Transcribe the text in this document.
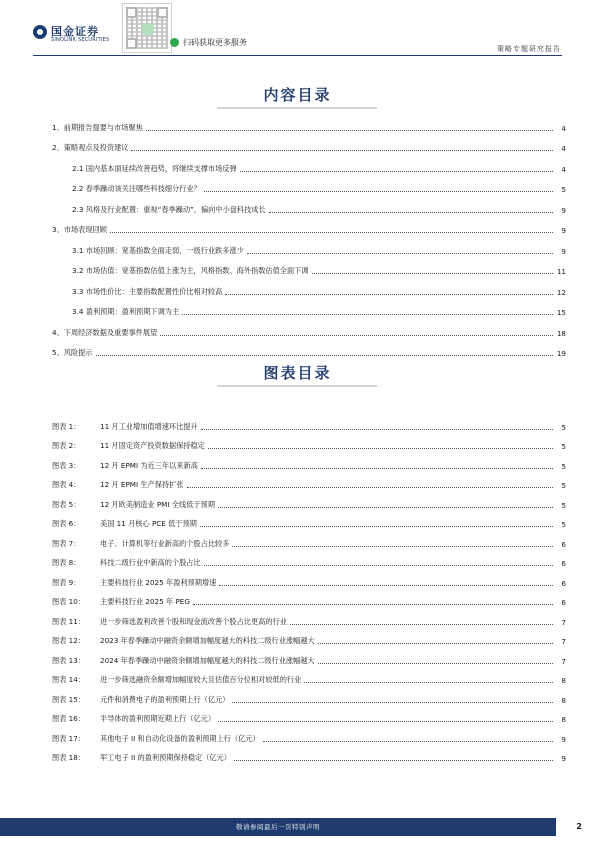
国金证券
SINOLINK SECURITIES	扫码获取更多服务
策略专题研究报告
内容目录
1、前期报告提要与市场聚焦	4
2、策略观点及投资建议	4
2.1 国内基本面延续改善趋势，将继续支撑市场反弹	4
2.2 春季躁动该关注哪些科技细分行业？	5
2.3 风格及行业配置：重视“春季躁动”，偏向中小盘科技成长	9
3、市场表现回顾	9
3.1 市场回顾：宽基指数全面走弱，一级行业跌多涨少	9
3.2 市场估值：宽基指数估值上涨为主，风格指数、海外指数估值全面下调	11
3.3 市场性价比：主要指数配置性价比相对较高	12
3.4 盈利预期：盈利预期下调为主	15
4、下周经济数据及重要事件展望	18
5、风险提示	19
图表目录
图表 1：	11 月工业增加值增速环比提升	5
图表 2：	11 月固定资产投资数据保持稳定	5
图表 3：	12 月 EPMI 为近三年以来新高	5
图表 4：	12 月 EPMI 生产保持扩张	5
图表 5：	12 月欧美制造业 PMI 全线低于预期	5
图表 6：	美国 11 月核心 PCE 低于预期	5
图表 7：	电子、计算机等行业新高的个股占比较多	6
图表 8：	科技二级行业中新高的个股占比	6
图表 9：	主要科技行业 2025 年盈利预期增速	6
图表 10：	主要科技行业 2025 年 PEG	6
图表 11：	进一步筛选盈利改善个股和现金流改善个股占比更高的行业	7
图表 12：	2023 年春季躁动中融资余额增加幅度越大的科技二级行业涨幅越大	7
图表 13：	2024 年春季躁动中融资余额增加幅度越大的科技二级行业涨幅越大	7
图表 14：	进一步筛选融资余额增加幅度较大且估值百分位相对较低的行业	8
图表 15：	元件和消费电子的盈利预期上行（亿元）	8
图表 16：	半导体的盈利预期近期上行（亿元）	8
图表 17：	其他电子 II 和自动化设备的盈利预期上行（亿元）	9
图表 18：	军工电子 II 的盈利预期保持稳定（亿元）	9
敬请参阅最后一页特别声明	2
